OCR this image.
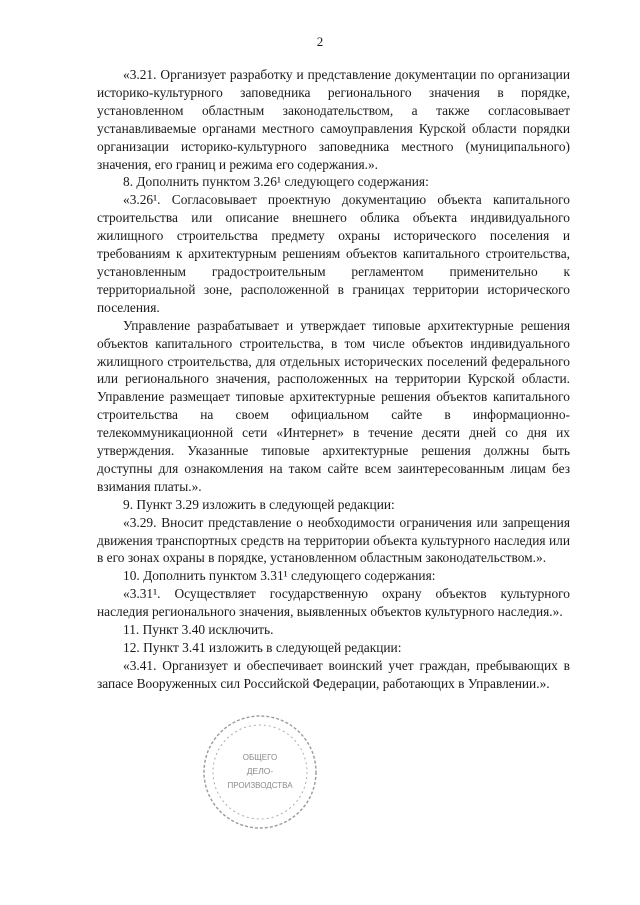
2

«3.21. Организует разработку и представление документации по организации историко-культурного заповедника регионального значения в порядке, установленном областным законодательством, а также согласовывает устанавливаемые органами местного самоуправления Курской области порядки организации историко-культурного заповедника местного (муниципального) значения, его границ и режима его содержания.».

8. Дополнить пунктом 3.26¹ следующего содержания:

«3.26¹. Согласовывает проектную документацию объекта капитального строительства или описание внешнего облика объекта индивидуального жилищного строительства предмету охраны исторического поселения и требованиям к архитектурным решениям объектов капитального строительства, установленным градостроительным регламентом применительно к территориальной зоне, расположенной в границах территории исторического поселения.

Управление разрабатывает и утверждает типовые архитектурные решения объектов капитального строительства, в том числе объектов индивидуального жилищного строительства, для отдельных исторических поселений федерального или регионального значения, расположенных на территории Курской области. Управление размещает типовые архитектурные решения объектов капитального строительства на своем официальном сайте в информационно-телекоммуникационной сети «Интернет» в течение десяти дней со дня их утверждения. Указанные типовые архитектурные решения должны быть доступны для ознакомления на таком сайте всем заинтересованным лицам без взимания платы.».

9. Пункт 3.29 изложить в следующей редакции:

«3.29. Вносит представление о необходимости ограничения или запрещения движения транспортных средств на территории объекта культурного наследия или в его зонах охраны в порядке, установленном областным законодательством.».

10. Дополнить пунктом 3.31¹ следующего содержания:

«3.31¹. Осуществляет государственную охрану объектов культурного наследия регионального значения, выявленных объектов культурного наследия.».

11. Пункт 3.40 исключить.

12. Пункт 3.41 изложить в следующей редакции:

«3.41. Организует и обеспечивает воинский учет граждан, пребывающих в запасе Вооруженных сил Российской Федерации, работающих в Управлении.».

ОБЩЕГО
ДЕЛО-
ПРОИЗВОДСТВА
